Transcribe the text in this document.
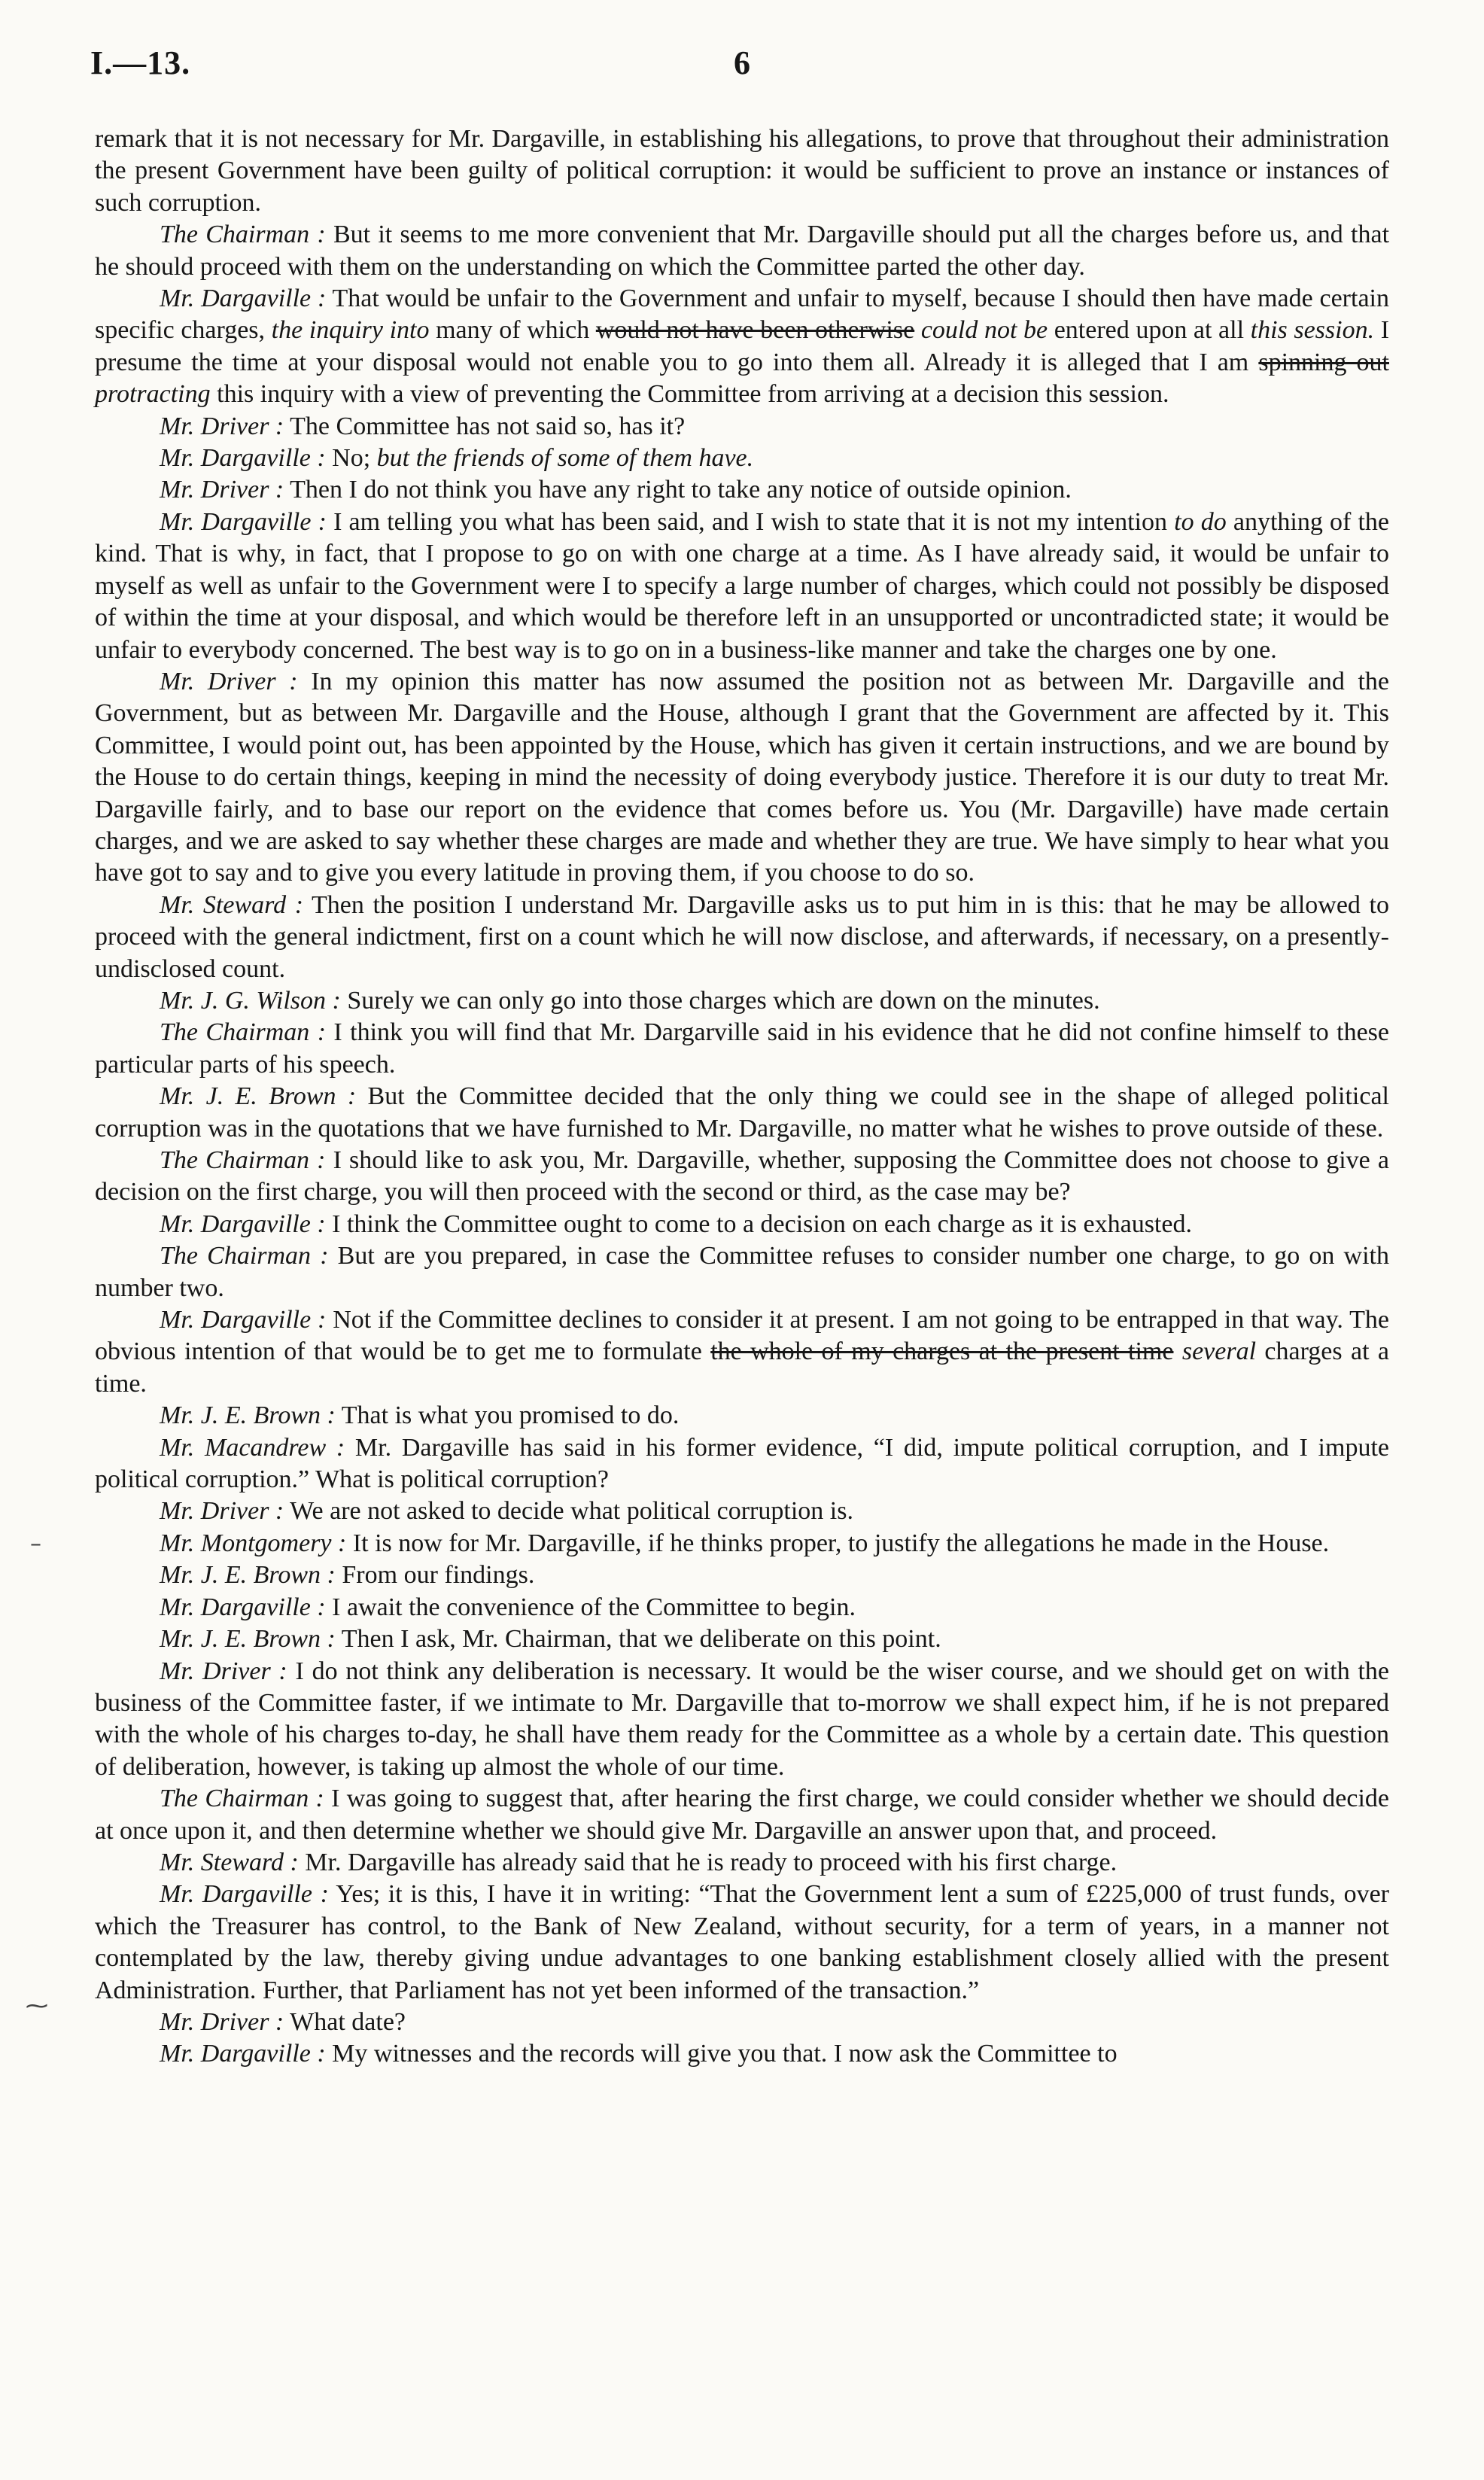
I.—13.	6
–
⁓

remark that it is not necessary for Mr. Dargaville, in establishing his allegations, to prove that throughout their administration the present Government have been guilty of political corruption: it would be sufficient to prove an instance or instances of such corruption.

The Chairman : But it seems to me more convenient that Mr. Dargaville should put all the charges before us, and that he should proceed with them on the understanding on which the Committee parted the other day.

Mr. Dargaville : That would be unfair to the Government and unfair to myself, because I should then have made certain specific charges, the inquiry into many of which would not have been otherwise could not be entered upon at all this session. I presume the time at your disposal would not enable you to go into them all. Already it is alleged that I am spinning out protracting this inquiry with a view of preventing the Committee from arriving at a decision this session.

Mr. Driver : The Committee has not said so, has it?

Mr. Dargaville : No; but the friends of some of them have.

Mr. Driver : Then I do not think you have any right to take any notice of outside opinion.

Mr. Dargaville : I am telling you what has been said, and I wish to state that it is not my intention to do anything of the kind. That is why, in fact, that I propose to go on with one charge at a time. As I have already said, it would be unfair to myself as well as unfair to the Government were I to specify a large number of charges, which could not possibly be disposed of within the time at your disposal, and which would be therefore left in an unsupported or uncontradicted state; it would be unfair to everybody concerned. The best way is to go on in a business-like manner and take the charges one by one.

Mr. Driver : In my opinion this matter has now assumed the position not as between Mr. Dargaville and the Government, but as between Mr. Dargaville and the House, although I grant that the Government are affected by it. This Committee, I would point out, has been appointed by the House, which has given it certain instructions, and we are bound by the House to do certain things, keeping in mind the necessity of doing everybody justice. Therefore it is our duty to treat Mr. Dargaville fairly, and to base our report on the evidence that comes before us. You (Mr. Dargaville) have made certain charges, and we are asked to say whether these charges are made and whether they are true. We have simply to hear what you have got to say and to give you every latitude in proving them, if you choose to do so.

Mr. Steward : Then the position I understand Mr. Dargaville asks us to put him in is this: that he may be allowed to proceed with the general indictment, first on a count which he will now disclose, and afterwards, if necessary, on a presently-undisclosed count.

Mr. J. G. Wilson : Surely we can only go into those charges which are down on the minutes.

The Chairman : I think you will find that Mr. Dargarville said in his evidence that he did not confine himself to these particular parts of his speech.

Mr. J. E. Brown : But the Committee decided that the only thing we could see in the shape of alleged political corruption was in the quotations that we have furnished to Mr. Dargaville, no matter what he wishes to prove outside of these.

The Chairman : I should like to ask you, Mr. Dargaville, whether, supposing the Committee does not choose to give a decision on the first charge, you will then proceed with the second or third, as the case may be?

Mr. Dargaville : I think the Committee ought to come to a decision on each charge as it is exhausted.

The Chairman : But are you prepared, in case the Committee refuses to consider number one charge, to go on with number two.

Mr. Dargaville : Not if the Committee declines to consider it at present. I am not going to be entrapped in that way. The obvious intention of that would be to get me to formulate the whole of my charges at the present time several charges at a time.

Mr. J. E. Brown : That is what you promised to do.

Mr. Macandrew : Mr. Dargaville has said in his former evidence, “I did, impute political corruption, and I impute political corruption.” What is political corruption?

Mr. Driver : We are not asked to decide what political corruption is.

Mr. Montgomery : It is now for Mr. Dargaville, if he thinks proper, to justify the allegations he made in the House.

Mr. J. E. Brown : From our findings.

Mr. Dargaville : I await the convenience of the Committee to begin.

Mr. J. E. Brown : Then I ask, Mr. Chairman, that we deliberate on this point.

Mr. Driver : I do not think any deliberation is necessary. It would be the wiser course, and we should get on with the business of the Committee faster, if we intimate to Mr. Dargaville that to-morrow we shall expect him, if he is not prepared with the whole of his charges to-day, he shall have them ready for the Committee as a whole by a certain date. This question of deliberation, however, is taking up almost the whole of our time.

The Chairman : I was going to suggest that, after hearing the first charge, we could consider whether we should decide at once upon it, and then determine whether we should give Mr. Dargaville an answer upon that, and proceed.

Mr. Steward : Mr. Dargaville has already said that he is ready to proceed with his first charge.

Mr. Dargaville : Yes; it is this, I have it in writing: “That the Government lent a sum of £225,000 of trust funds, over which the Treasurer has control, to the Bank of New Zealand, without security, for a term of years, in a manner not contemplated by the law, thereby giving undue advantages to one banking establishment closely allied with the present Administration. Further, that Parliament has not yet been informed of the transaction.”

Mr. Driver : What date?

Mr. Dargaville : My witnesses and the records will give you that. I now ask the Committee to
